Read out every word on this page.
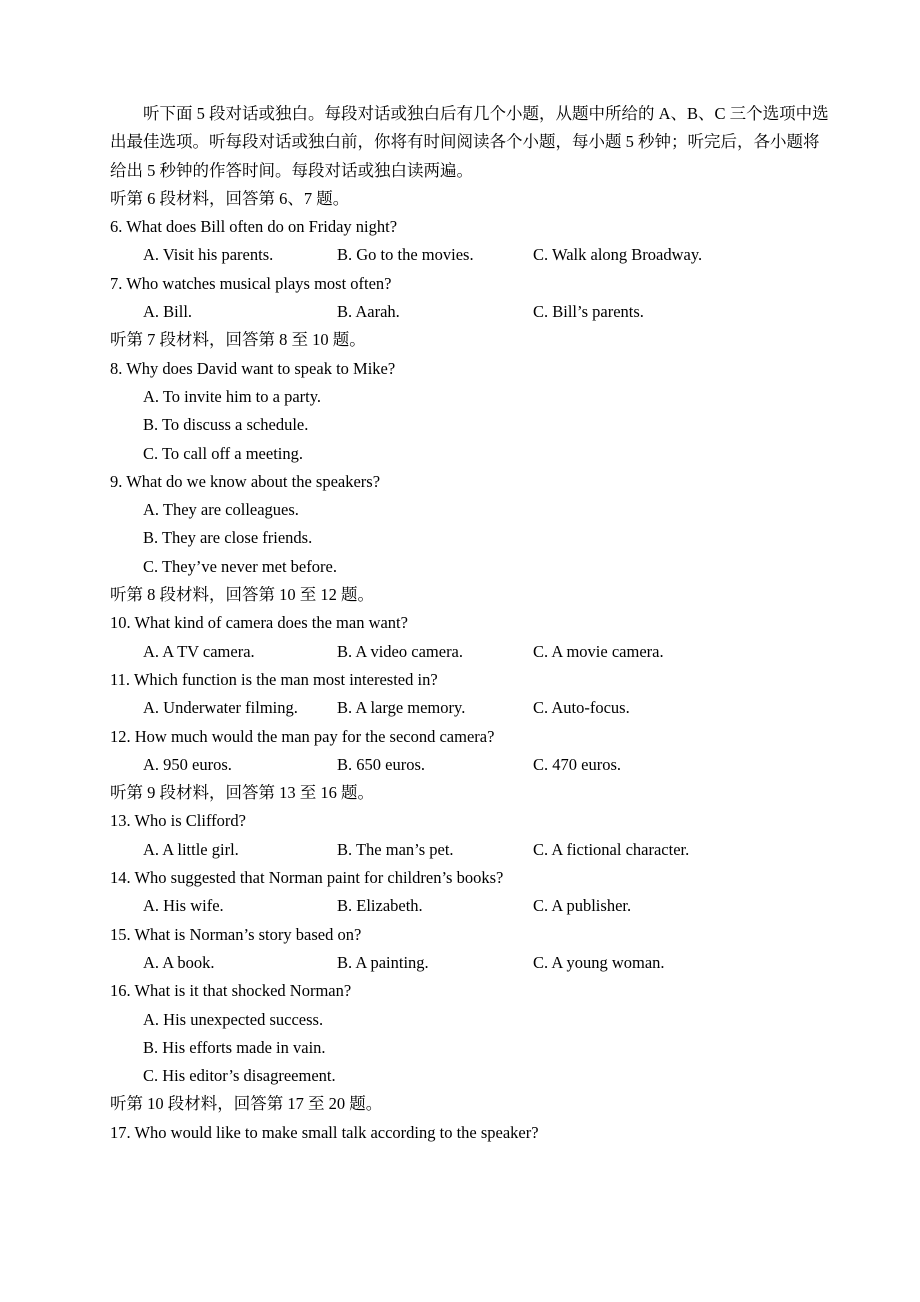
听下面 5 段对话或独白。每段对话或独白后有几个小题，从题中所给的 A、B、C 三个选项中选
出最佳选项。听每段对话或独白前，你将有时间阅读各个小题，每小题 5 秒钟；听完后，各小题将
给出 5 秒钟的作答时间。每段对话或独白读两遍。
听第 6 段材料，回答第 6、7 题。
6. What does Bill often do on Friday night?
A. Visit his parents.	B. Go to the movies.	C. Walk along Broadway.
7. Who watches musical plays most often?
A. Bill.	B. Aarah.	C. Bill’s parents.
听第 7 段材料，回答第 8 至 10 题。
8. Why does David want to speak to Mike?
A. To invite him to a party.
B. To discuss a schedule.
C. To call off a meeting.
9. What do we know about the speakers?
A. They are colleagues.
B. They are close friends.
C. They’ve never met before.
听第 8 段材料，回答第 10 至 12 题。
10. What kind of camera does the man want?
A. A TV camera.	B. A video camera.	C. A movie camera.
11. Which function is the man most interested in?
A. Underwater filming. B. A large memory.	C. Auto-focus.
12. How much would the man pay for the second camera?
A. 950 euros.	B. 650 euros.	C. 470 euros.
听第 9 段材料，回答第 13 至 16 题。
13. Who is Clifford?
A. A little girl.	B. The man’s pet.	C. A fictional character.
14. Who suggested that Norman paint for children’s books?
A. His wife.	B. Elizabeth.	C. A publisher.
15. What is Norman’s story based on?
A. A book.	B. A painting.	C. A young woman.
16. What is it that shocked Norman?
A. His unexpected success.
B. His efforts made in vain.
C. His editor’s disagreement.
听第 10 段材料，回答第 17 至 20 题。
17. Who would like to make small talk according to the speaker?
